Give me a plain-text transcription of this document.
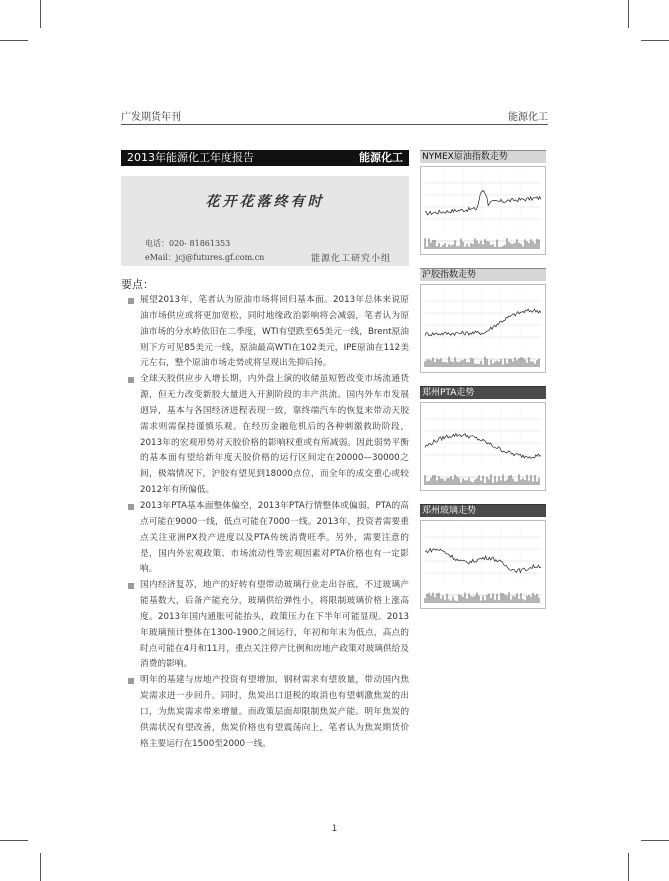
广发期货年刊	能源化工
2013年能源化工年度报告	能源化工
花开花落终有时
电话：020- 81861353
eMail：jcj@futures.gf.com.cn	能源化工研究小组
要点：
展望2013年，笔者认为原油市场将回归基本面。2013年总体来说原油市场供应或将更加宽松，同时地缘政治影响将会减弱，笔者认为原油市场的分水岭依旧在二季度，WTI有望跌至65美元一线，Brent原油则下方可见85美元一线，原油最高WTI在102美元，IPE原油在112美元左右，整个原油市场走势或将呈现出先抑后扬。
全球天胶供应步入增长期，内外盘上演的收储虽短暂改变市场流通货源，但无力改变新胶大量进入开割阶段的丰产洪流。国内外车市发展迥异，基本与各国经济进程表现一致，靠终端汽车的恢复来带动天胶需求则需保持谨慎乐观。在经历金融危机后的各种刺激救助阶段，2013年的宏观形势对天胶价格的影响权重或有所减弱。因此弱势平衡的基本面有望给新年度天胶价格的运行区间定在20000—30000之间，极端情况下，沪胶有望见到18000点位，而全年的成交重心或较2012年有所偏低。
2013年PTA基本面整体偏空，2013年PTA行情整体或偏弱，PTA的高点可能在9000一线，低点可能在7000一线。2013年，投资者需要重点关注亚洲PX投产进度以及PTA传统消费旺季。另外，需要注意的是，国内外宏观政策、市场流动性等宏观因素对PTA价格也有一定影响。
国内经济复苏，地产的好转有望带动玻璃行业走出谷底，不过玻璃产能基数大，后备产能充分，玻璃供给弹性小，将限制玻璃价格上涨高度。2013年国内通胀可能抬头，政策压力在下半年可能显现。2013年玻璃预计整体在1300-1900之间运行，年初和年末为低点，高点的时点可能在4月和11月，重点关注停产比例和房地产政策对玻璃供给及消费的影响。
明年的基建与房地产投资有望增加，钢材需求有望放量，带动国内焦炭需求进一步回升。同时，焦炭出口退税的取消也有望刺激焦炭的出口，为焦炭需求带来增量。而政策层面却限制焦炭产能。明年焦炭的供需状况有望改善，焦炭价格也有望震荡向上，笔者认为焦炭期货价格主要运行在1500至2000一线。
NYMEX原油指数走势
沪胶指数走势
郑州PTA走势
郑州玻璃走势
1
